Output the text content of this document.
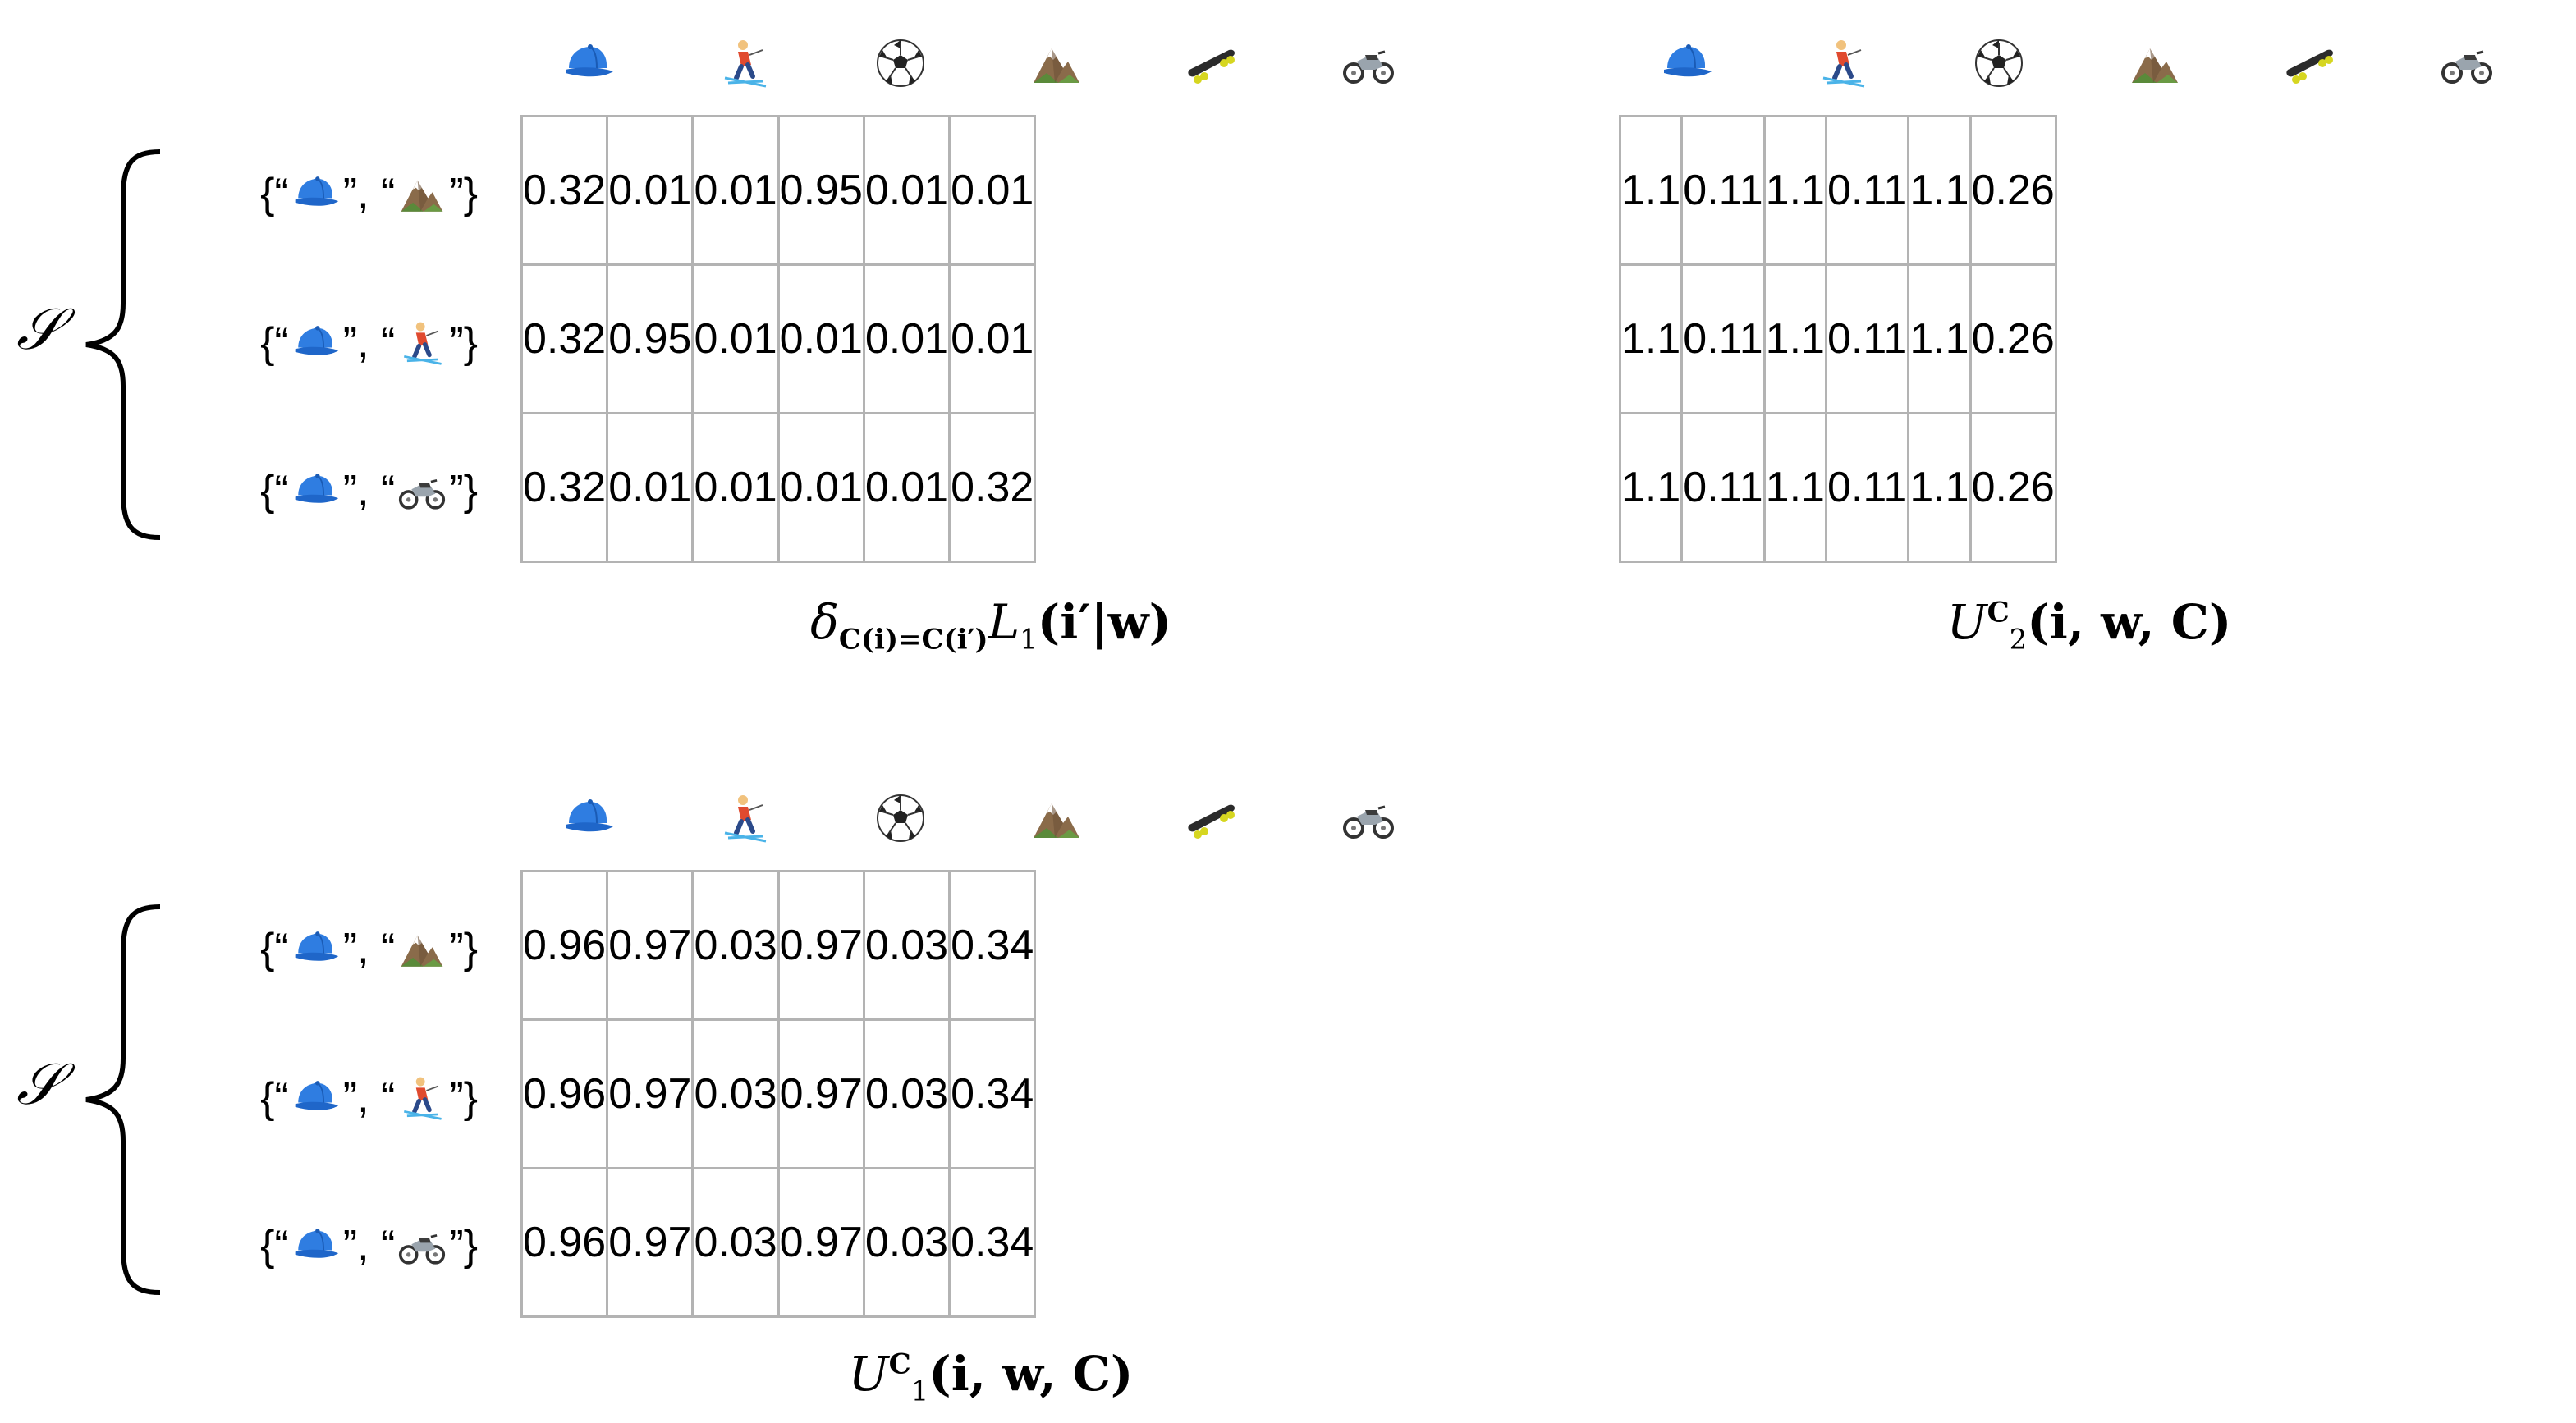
𝒮
{“ ”, “ ”}
{“ ”, “ ”}
{“ ”, “ ”}
0.32	0.01	0.01	0.95	0.01	0.01
0.32	0.95	0.01	0.01	0.01	0.01
0.32	0.01	0.01	0.01	0.01	0.32
$\delta_{C(i)=C(i')}L_1(i'|w)$
1.1	0.11	1.1	0.11	1.1	0.26
1.1	0.11	1.1	0.11	1.1	0.26
1.1	0.11	1.1	0.11	1.1	0.26
$U^C_2(i$, w, C)
𝒮
{“ ”, “ ”}
{“ ”, “ ”}
{“ ”, “ ”}
0.96	0.97	0.03	0.97	0.03	0.34
0.96	0.97	0.03	0.97	0.03	0.34
0.96	0.97	0.03	0.97	0.03	0.34
$U^C_1(i$, w, C)
